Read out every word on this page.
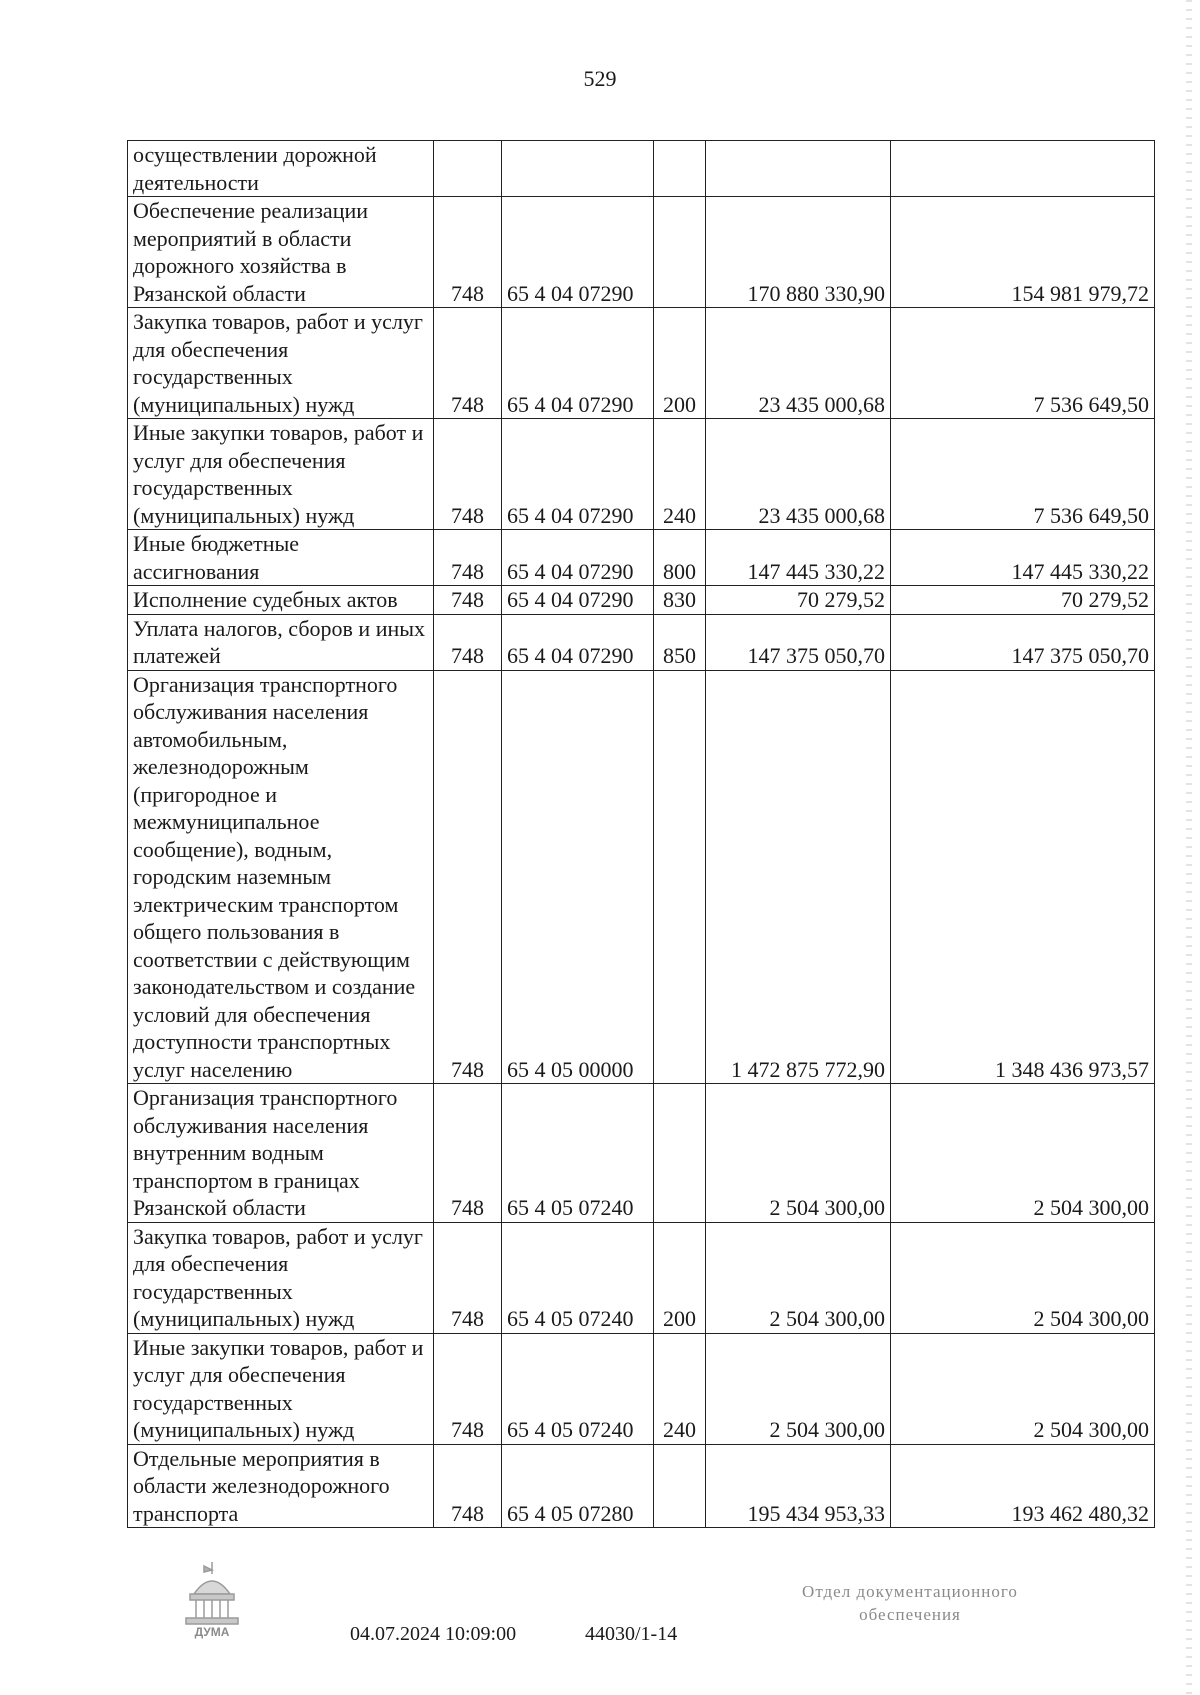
529
осуществлении дорожной деятельности					
Обеспечение реализации мероприятий в области дорожного хозяйства в Рязанской области	748	65 4 04 07290		170 880 330,90	154 981 979,72
Закупка товаров, работ и услуг для обеспечения государственных (муниципальных) нужд	748	65 4 04 07290	200	23 435 000,68	7 536 649,50
Иные закупки товаров, работ и услуг для обеспечения государственных (муниципальных) нужд	748	65 4 04 07290	240	23 435 000,68	7 536 649,50
Иные бюджетные ассигнования	748	65 4 04 07290	800	147 445 330,22	147 445 330,22
Исполнение судебных актов	748	65 4 04 07290	830	70 279,52	70 279,52
Уплата налогов, сборов и иных платежей	748	65 4 04 07290	850	147 375 050,70	147 375 050,70
Организация транспортного обслуживания населения автомобильным, железнодорожным (пригородное и межмуниципальное сообщение), водным, городским наземным электрическим транспортом общего пользования в соответствии с действующим законодательством и создание условий для обеспечения доступности транспортных услуг населению	748	65 4 05 00000		1 472 875 772,90	1 348 436 973,57
Организация транспортного обслуживания населения внутренним водным транспортом в границах Рязанской области	748	65 4 05 07240		2 504 300,00	2 504 300,00
Закупка товаров, работ и услуг для обеспечения государственных (муниципальных) нужд	748	65 4 05 07240	200	2 504 300,00	2 504 300,00
Иные закупки товаров, работ и услуг для обеспечения государственных (муниципальных) нужд	748	65 4 05 07240	240	2 504 300,00	2 504 300,00
Отдельные мероприятия в области железнодорожного транспорта	748	65 4 05 07280		195 434 953,33	193 462 480,32
ДУМА	04.07.2024 10:09:00	44030/1-14
Отдел документационного
обеспечения
